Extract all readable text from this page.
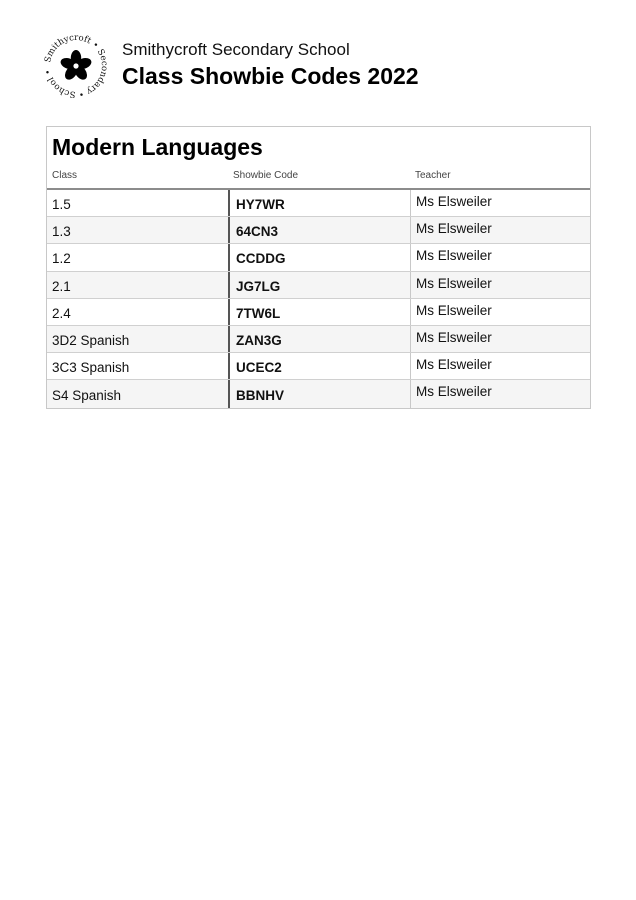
Smithycroft • Se ndary • School •
Smithycroft Secondary School
Class Showbie Codes 2022
Modern Languages
Class	Showbie Code	Teacher
1.5	HY7WR	Ms Elsweiler
1.3	64CN3	Ms Elsweiler
1.2	CCDDG	Ms Elsweiler
2.1	JG7LG	Ms Elsweiler
2.4	7TW6L	Ms Elsweiler
3D2 Spanish	ZAN3G	Ms Elsweiler
3C3 Spanish	UCEC2	Ms Elsweiler
S4 Spanish	BBNHV	Ms Elsweiler
